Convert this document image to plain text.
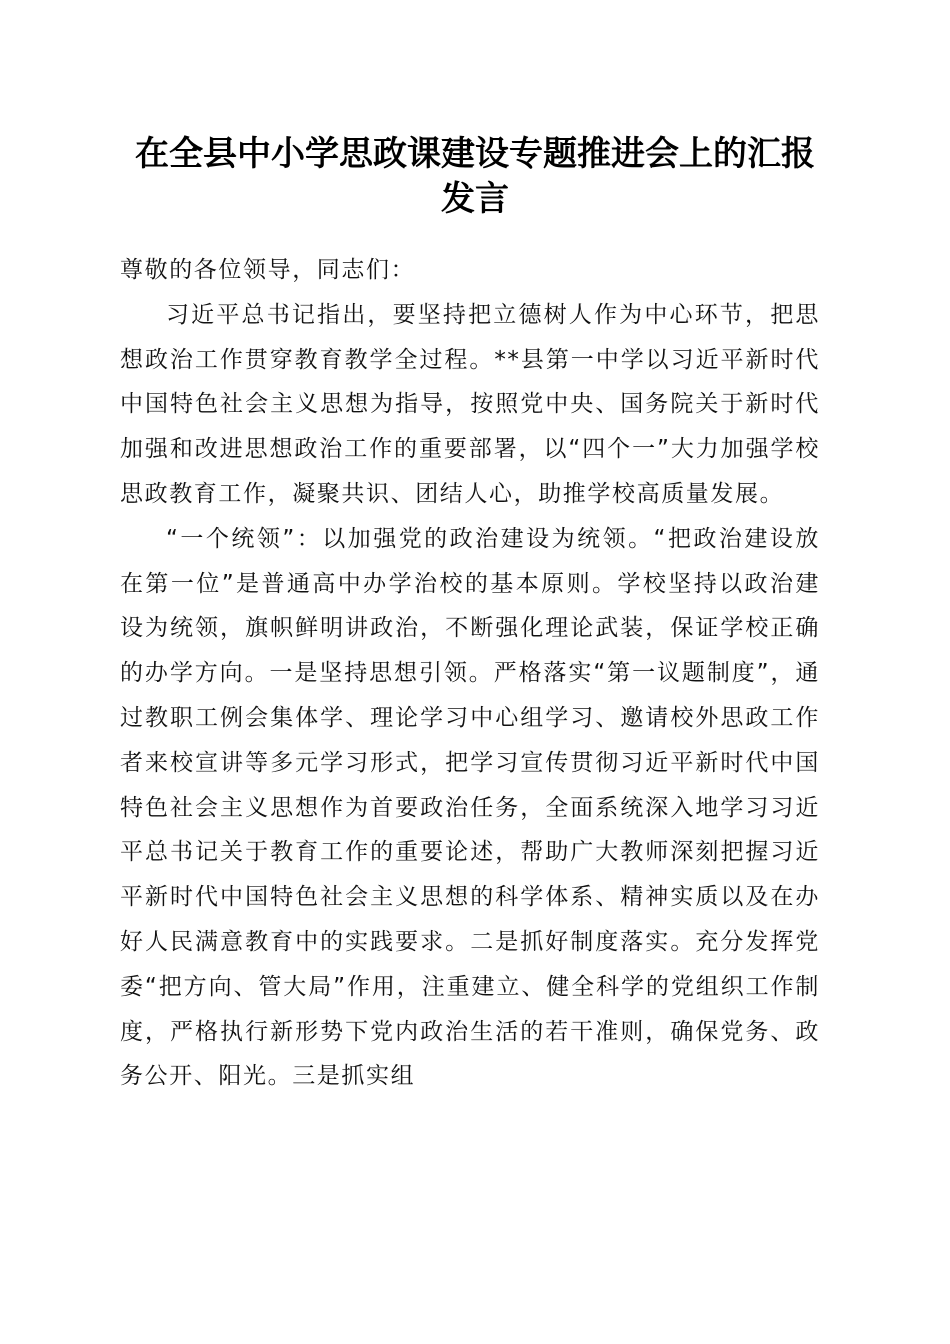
在全县中小学思政课建设专题推进会上的汇报
发言

尊敬的各位领导，同志们：

习近平总书记指出，要坚持把立德树人作为中心环节，把思想政治工作贯穿教育教学全过程。**县第一中学以习近平新时代中国特色社会主义思想为指导，按照党中央、国务院关于新时代加强和改进思想政治工作的重要部署，以“四个一”大力加强学校思政教育工作，凝聚共识、团结人心，助推学校高质量发展。

“一个统领”：以加强党的政治建设为统领。“把政治建设放在第一位”是普通高中办学治校的基本原则。学校坚持以政治建设为统领，旗帜鲜明讲政治，不断强化理论武装，保证学校正确的办学方向。一是坚持思想引领。严格落实“第一议题制度”，通过教职工例会集体学、理论学习中心组学习、邀请校外思政工作者来校宣讲等多元学习形式，把学习宣传贯彻习近平新时代中国特色社会主义思想作为首要政治任务，全面系统深入地学习习近平总书记关于教育工作的重要论述，帮助广大教师深刻把握习近平新时代中国特色社会主义思想的科学体系、精神实质以及在办好人民满意教育中的实践要求。二是抓好制度落实。充分发挥党委“把方向、管大局”作用，注重建立、健全科学的党组织工作制度，严格执行新形势下党内政治生活的若干准则，确保党务、政务公开、阳光。三是抓实组
